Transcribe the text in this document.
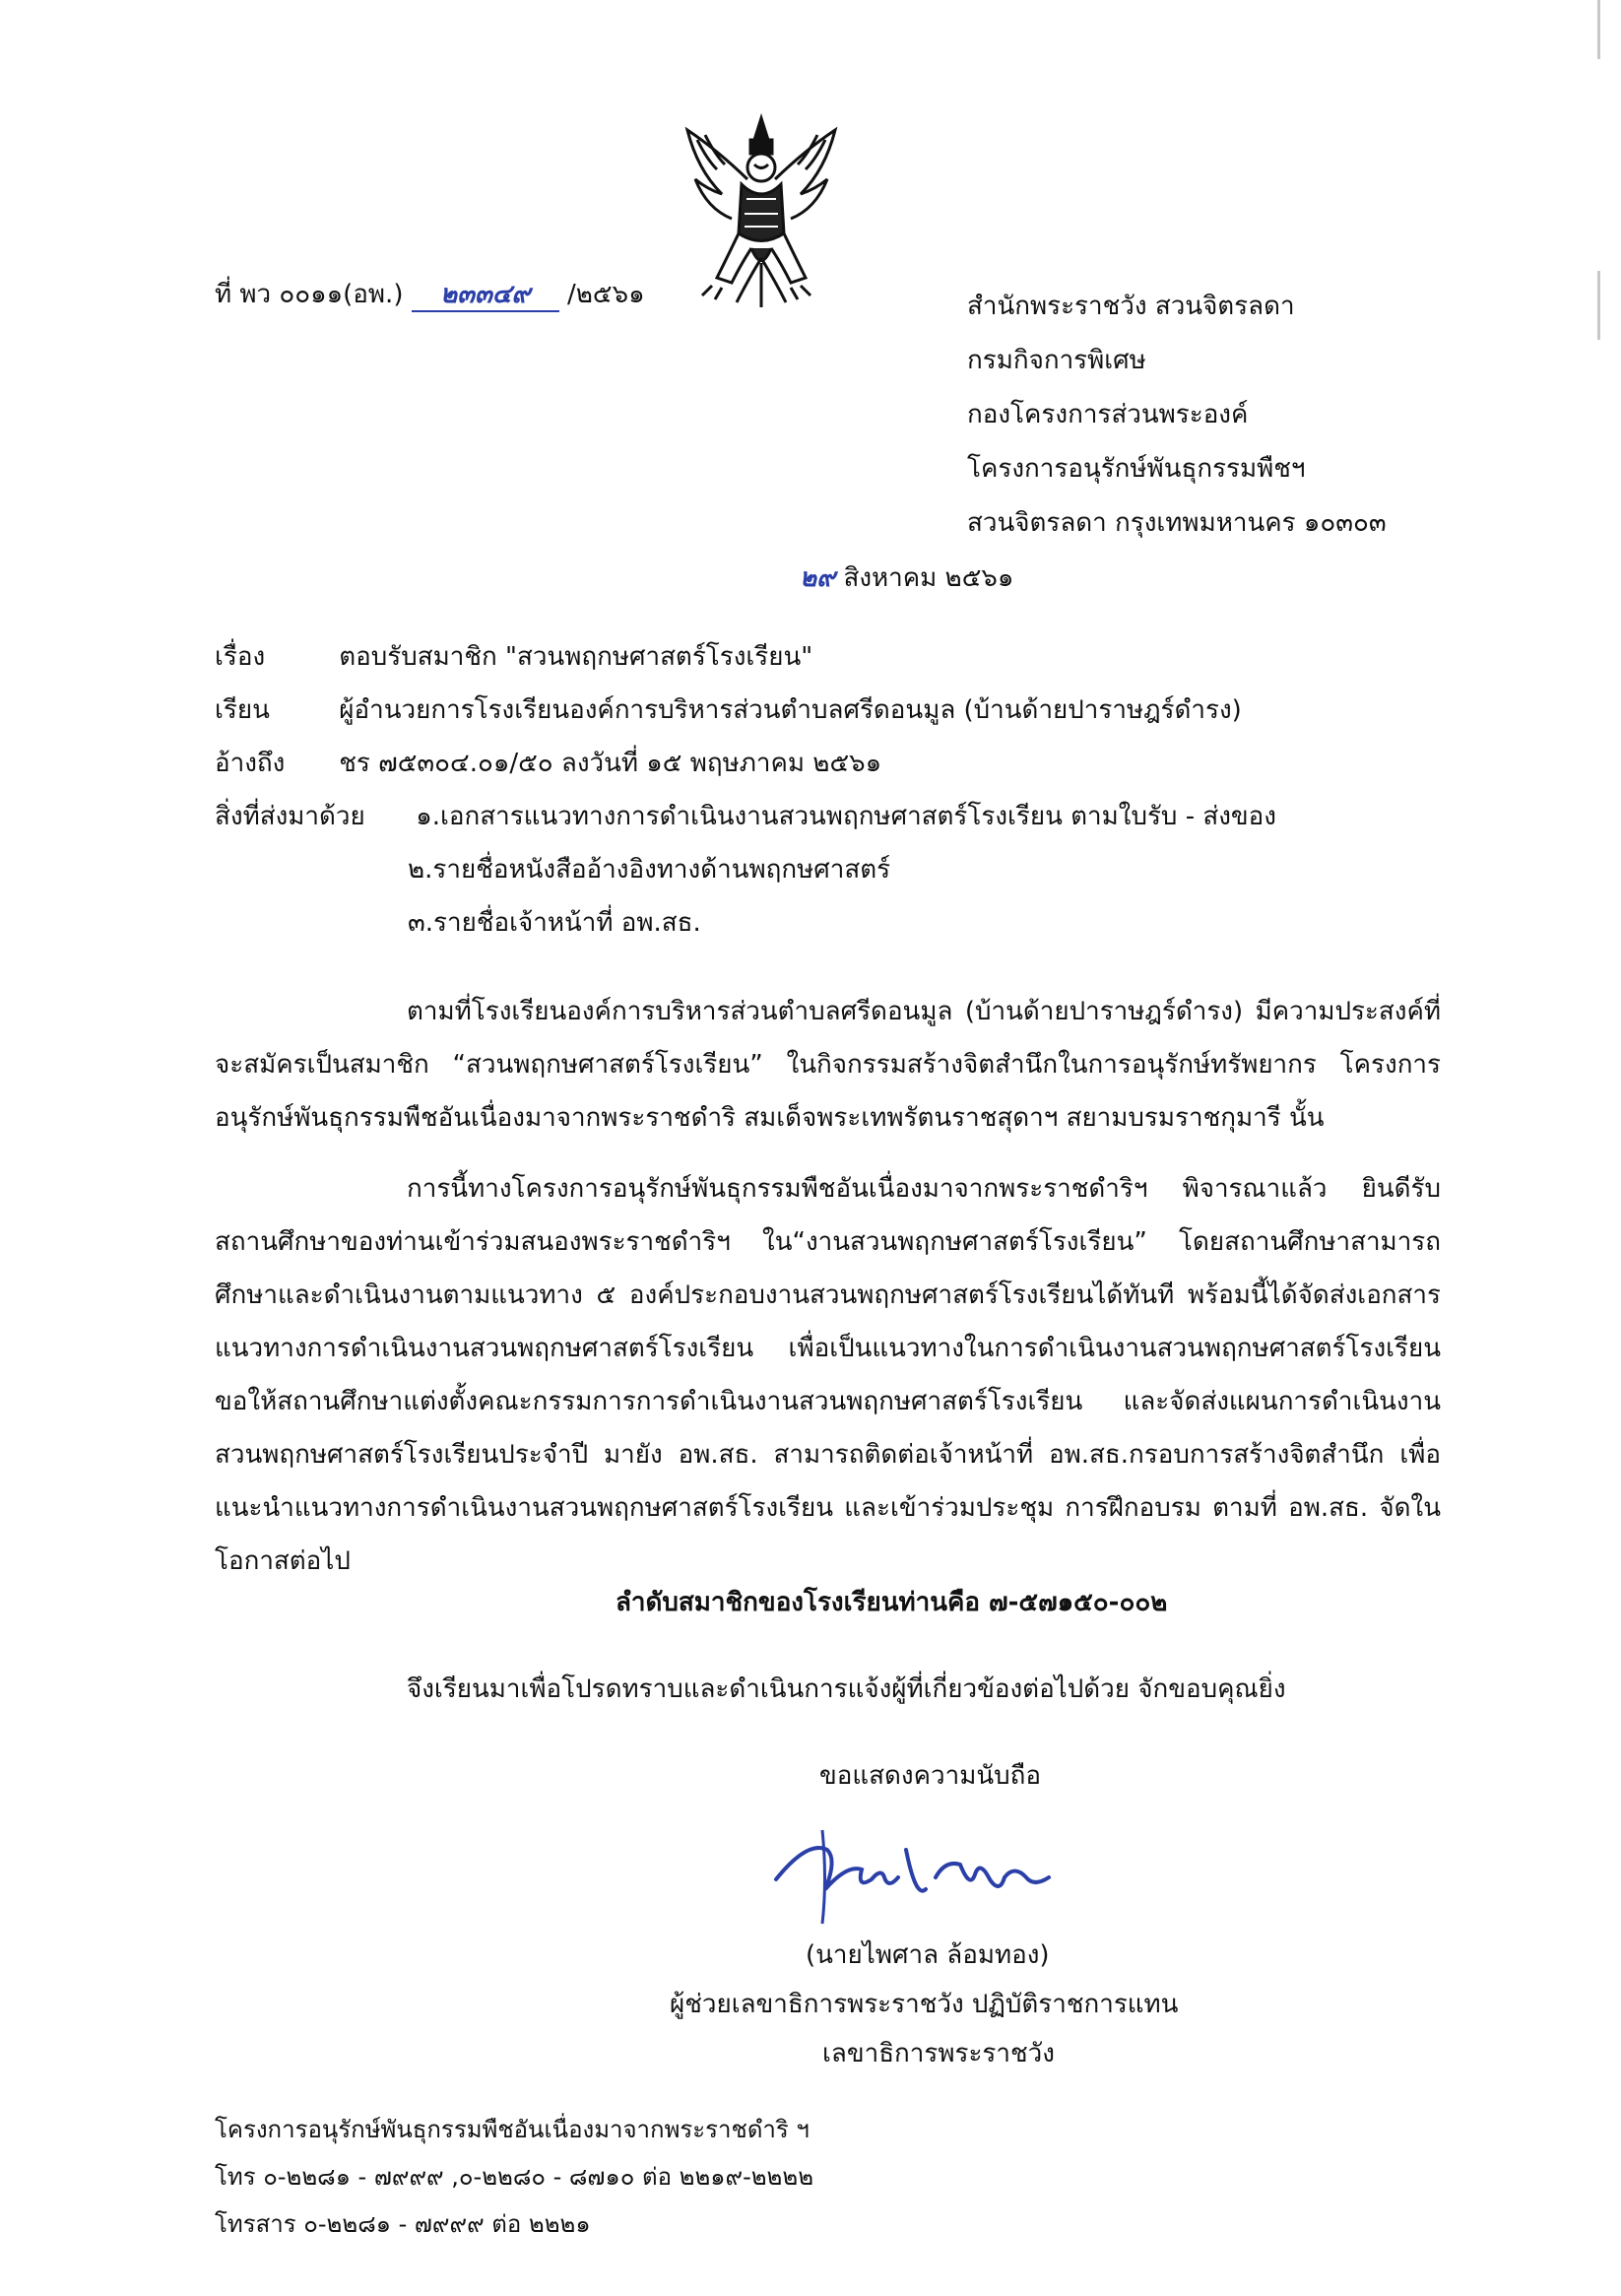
ที่ พว ๐๐๑๑(อพ.) ๒๓๓๔๙ /๒๕๖๑	สำนักพระราชวัง สวนจิตรลดา
กรมกิจการพิเศษ
กองโครงการส่วนพระองค์
โครงการอนุรักษ์พันธุกรรมพืชฯ
สวนจิตรลดา กรุงเทพมหานคร ๑๐๓๐๓
๒๙ สิงหาคม ๒๕๖๑
เรื่อง	ตอบรับสมาชิก "สวนพฤกษศาสตร์โรงเรียน"
เรียน	ผู้อำนวยการโรงเรียนองค์การบริหารส่วนตำบลศรีดอนมูล (บ้านด้ายปาราษฎร์ดำรง)
อ้างถึง ชร ๗๕๓๐๔.๐๑/๕๐ ลงวันที่ ๑๕ พฤษภาคม ๒๕๖๑
สิ่งที่ส่งมาด้วย ๑.เอกสารแนวทางการดำเนินงานสวนพฤกษศาสตร์โรงเรียน ตามใบรับ - ส่งของ
๒.รายชื่อหนังสืออ้างอิงทางด้านพฤกษศาสตร์
๓.รายชื่อเจ้าหน้าที่ อพ.สธ.
ตามที่โรงเรียนองค์การบริหารส่วนตำบลศรีดอนมูล (บ้านด้ายปาราษฎร์ดำรง) มีความประสงค์ที่จะสมัครเป็นสมาชิก “สวนพฤกษศาสตร์โรงเรียน” ในกิจกรรมสร้างจิตสำนึกในการอนุรักษ์ทรัพยากร โครงการอนุรักษ์พันธุกรรมพืชอันเนื่องมาจากพระราชดำริ สมเด็จพระเทพรัตนราชสุดาฯ สยามบรมราชกุมารี นั้น
การนี้ทางโครงการอนุรักษ์พันธุกรรมพืชอันเนื่องมาจากพระราชดำริฯ พิจารณาแล้ว ยินดีรับสถานศึกษาของท่านเข้าร่วมสนองพระราชดำริฯ ใน“งานสวนพฤกษศาสตร์โรงเรียน” โดยสถานศึกษาสามารถศึกษาและดำเนินงานตามแนวทาง ๕ องค์ประกอบงานสวนพฤกษศาสตร์โรงเรียนได้ทันที พร้อมนี้ได้จัดส่งเอกสารแนวทางการดำเนินงานสวนพฤกษศาสตร์โรงเรียน เพื่อเป็นแนวทางในการดำเนินงานสวนพฤกษศาสตร์โรงเรียน ขอให้สถานศึกษาแต่งตั้งคณะกรรมการการดำเนินงานสวนพฤกษศาสตร์โรงเรียน และจัดส่งแผนการดำเนินงานสวนพฤกษศาสตร์โรงเรียนประจำปี มายัง อพ.สธ. สามารถติดต่อเจ้าหน้าที่ อพ.สธ.กรอบการสร้างจิตสำนึก เพื่อแนะนำแนวทางการดำเนินงานสวนพฤกษศาสตร์โรงเรียน และเข้าร่วมประชุม การฝึกอบรม ตามที่ อพ.สธ. จัดในโอกาสต่อไป
ลำดับสมาชิกของโรงเรียนท่านคือ ๗-๕๗๑๕๐-๐๐๒
จึงเรียนมาเพื่อโปรดทราบและดำเนินการแจ้งผู้ที่เกี่ยวข้องต่อไปด้วย จักขอบคุณยิ่ง
ขอแสดงความนับถือ
(นายไพศาล ล้อมทอง)
ผู้ช่วยเลขาธิการพระราชวัง ปฏิบัติราชการแทน
เลขาธิการพระราชวัง
โครงการอนุรักษ์พันธุกรรมพืชอันเนื่องมาจากพระราชดำริ ฯ
โทร ๐-๒๒๘๑ - ๗๙๙๙ ,๐-๒๒๘๐ - ๘๗๑๐ ต่อ ๒๒๑๙-๒๒๒๒
โทรสาร ๐-๒๒๘๑ - ๗๙๙๙ ต่อ ๒๒๒๑
